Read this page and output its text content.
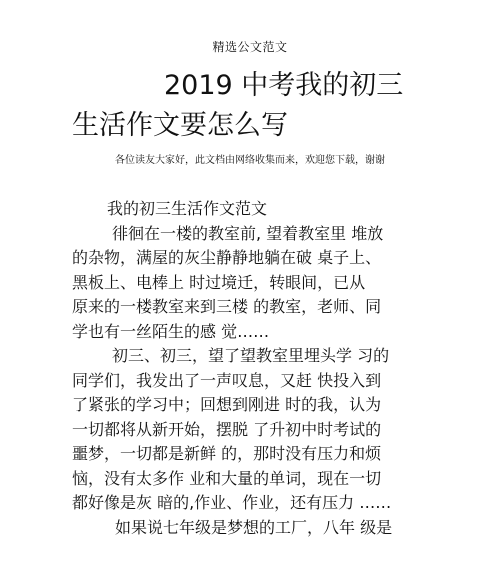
精选公文范文
2019 中考我的初三
生活作文要怎么写
各位读友大家好，此文档由网络收集而来，欢迎您下载，谢谢

我的初三生活作文范文

徘徊在一楼的教室前, 望着教室里 堆放

的杂物，满屋的灰尘静静地躺在破 桌子上、

黑板上、电棒上 时过境迁，转眼间，已从

原来的一楼教室来到三楼 的教室，老师、同

学也有一丝陌生的感 觉……

初三、初三，望了望教室里埋头学 习的

同学们，我发出了一声叹息，又赶 快投入到

了紧张的学习中；回想到刚进 时的我，认为

一切都将从新开始，摆脱 了升初中时考试的

噩梦，一切都是新鲜 的，那时没有压力和烦

恼，没有太多作 业和大量的单词，现在一切

都好像是灰 暗的,作业、作业，还有压力 ……

如果说七年级是梦想的工厂，八年 级是
